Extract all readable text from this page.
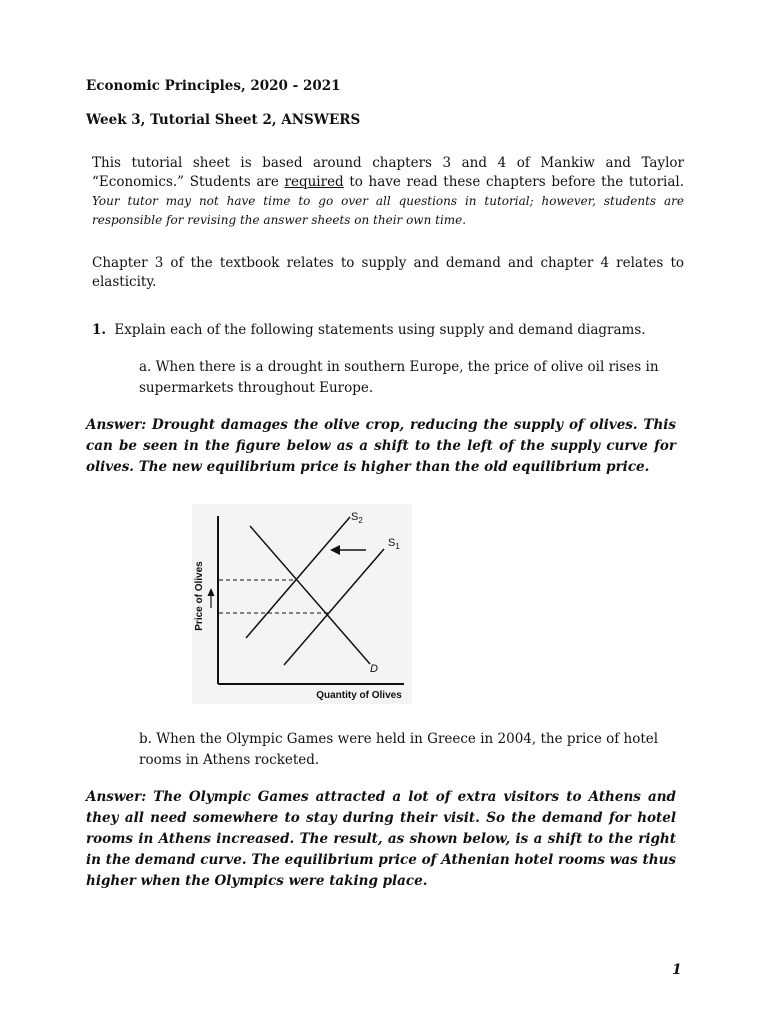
Economic Principles, 2020 - 2021
Week 3, Tutorial Sheet 2, ANSWERS
This tutorial sheet is based around chapters 3 and 4 of Mankiw and Taylor “Economics.” Students are required to have read these chapters before the tutorial. Your tutor may not have time to go over all questions in tutorial; however, students are responsible for revising the answer sheets on their own time.
Chapter 3 of the textbook relates to supply and demand and chapter 4 relates to elasticity.
1. Explain each of the following statements using supply and demand diagrams.
a. When there is a drought in southern Europe, the price of olive oil rises in supermarkets throughout Europe.
Answer: Drought damages the olive crop, reducing the supply of olives. This can be seen in the figure below as a shift to the left of the supply curve for olives. The new equilibrium price is higher than the old equilibrium price.
$S_2$
$S_1$
D
Price of Olives
Quantity of Olives
b. When the Olympic Games were held in Greece in 2004, the price of hotel rooms in Athens rocketed.
Answer: The Olympic Games attracted a lot of extra visitors to Athens and they all need somewhere to stay during their visit. So the demand for hotel rooms in Athens increased. The result, as shown below, is a shift to the right in the demand curve. The equilibrium price of Athenian hotel rooms was thus higher when the Olympics were taking place.
1
